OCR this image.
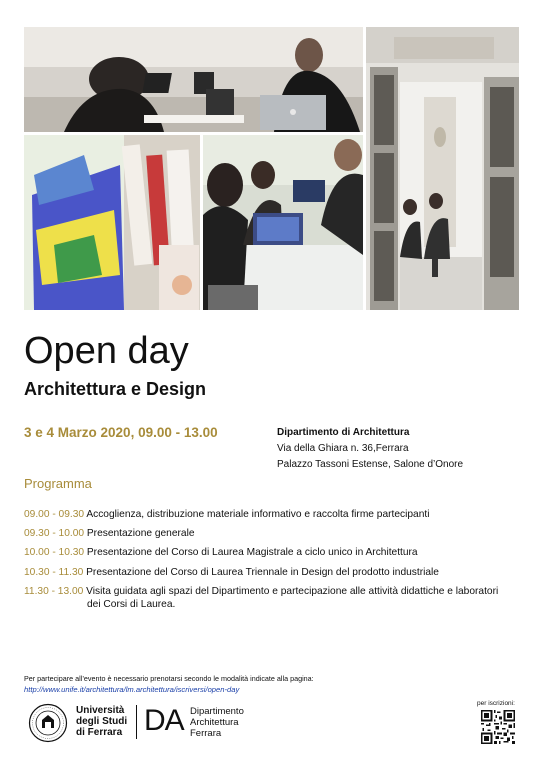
Open day
Architettura e Design
3 e 4 Marzo 2020, 09.00 - 13.00	Dipartimento di Architettura
Via della Ghiara n. 36,Ferrara
Palazzo Tassoni Estense, Salone d’Onore
Programma
09.00 - 09.30 Accoglienza, distribuzione materiale informativo e raccolta firme partecipanti
09.30 - 10.00 Presentazione generale
10.00 - 10.30 Presentazione del Corso di Laurea Magistrale a ciclo unico in Architettura
10.30 - 11.30 Presentazione del Corso di Laurea Triennale in Design del prodotto industriale
11.30 - 13.00 Visita guidata agli spazi del Dipartimento e partecipazione alle attività didattiche e laboratori
dei Corsi di Laurea.
Per partecipare all’evento è necessario prenotarsi secondo le modalità indicate alla pagina:
http://www.unife.it/architettura/lm.architettura/iscriversi/open-day
Università
degli Studi
di Ferrara DA Dipartimento
Architettura
Ferrara
per iscrizioni:
